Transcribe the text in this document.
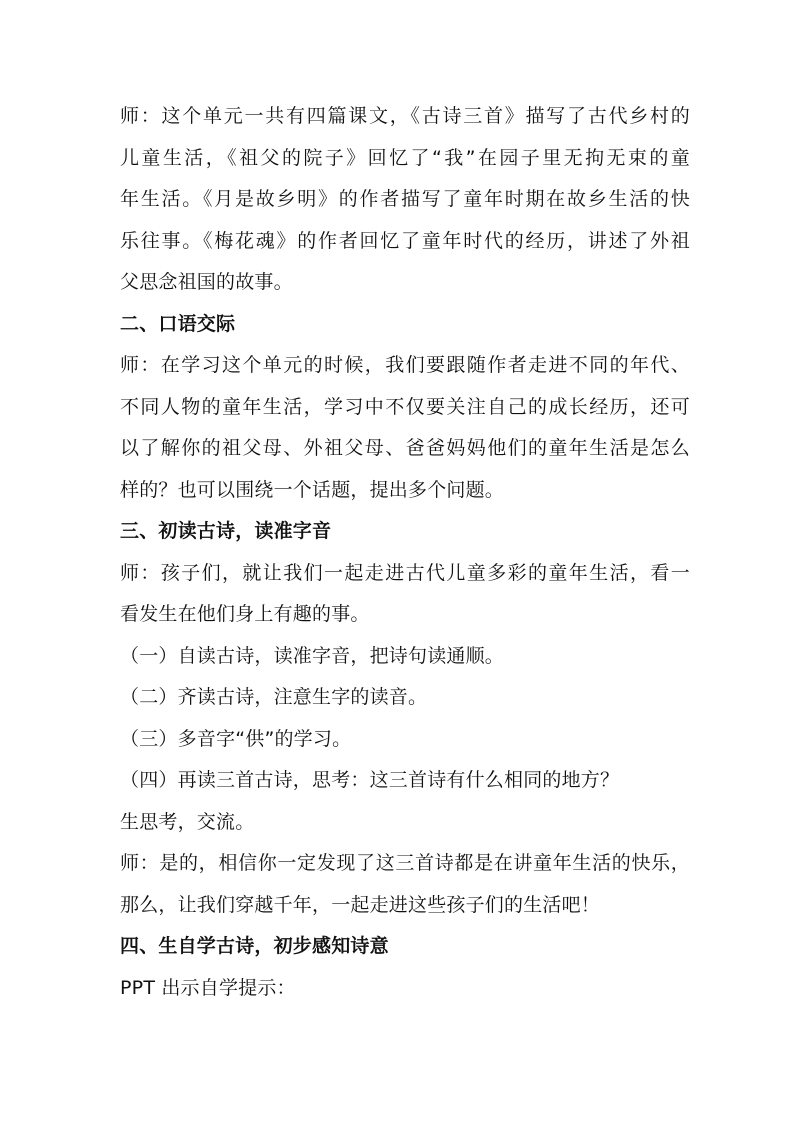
师：这个单元一共有四篇课文，《古诗三首》描写了古代乡村的
儿童生活，《祖父的院子》回忆了“我”在园子里无拘无束的童
年生活。《月是故乡明》的作者描写了童年时期在故乡生活的快
乐往事。《梅花魂》的作者回忆了童年时代的经历，讲述了外祖
父思念祖国的故事。
二、口语交际
师：在学习这个单元的时候，我们要跟随作者走进不同的年代、
不同人物的童年生活，学习中不仅要关注自己的成长经历，还可
以了解你的祖父母、外祖父母、爸爸妈妈他们的童年生活是怎么
样的？也可以围绕一个话题，提出多个问题。
三、初读古诗，读准字音
师：孩子们，就让我们一起走进古代儿童多彩的童年生活，看一
看发生在他们身上有趣的事。
（一）自读古诗，读准字音，把诗句读通顺。
（二）齐读古诗，注意生字的读音。
（三）多音字“供”的学习。
（四）再读三首古诗，思考：这三首诗有什么相同的地方？
生思考，交流。
师：是的，相信你一定发现了这三首诗都是在讲童年生活的快乐，
那么，让我们穿越千年，一起走进这些孩子们的生活吧！
四、生自学古诗，初步感知诗意
PPT 出示自学提示：
